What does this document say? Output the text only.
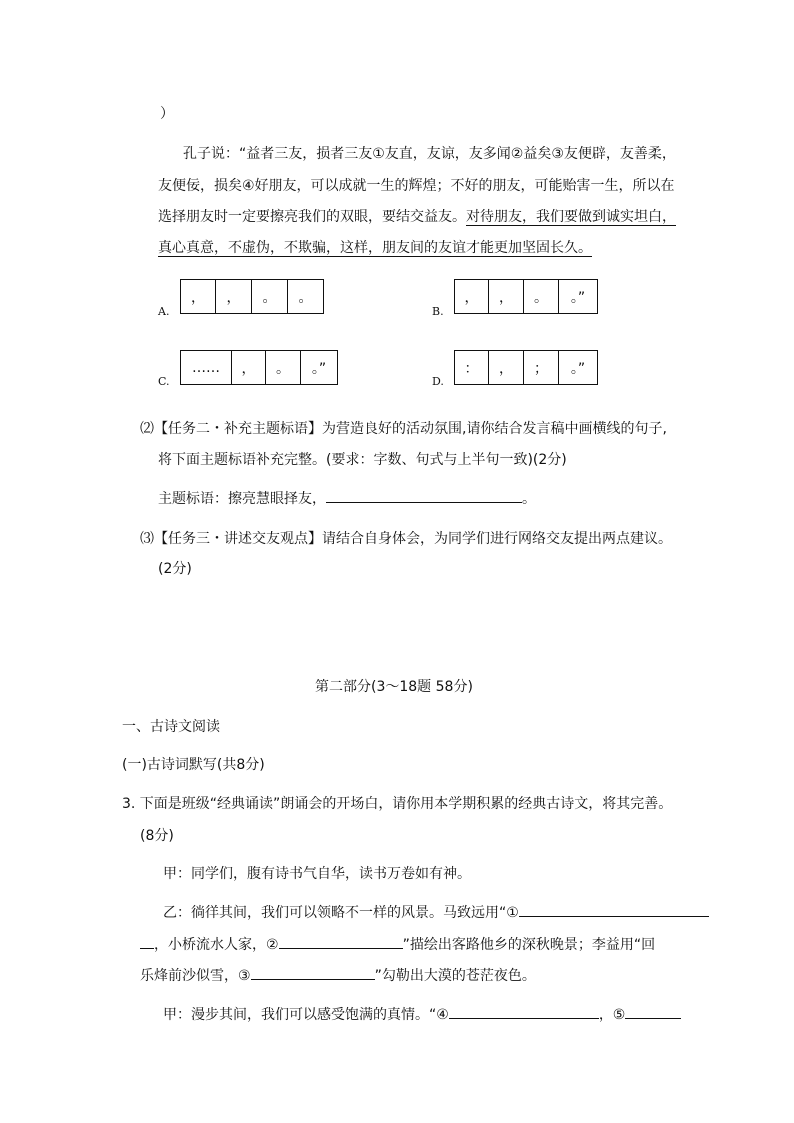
）
孔子说：“益者三友，损者三友①友直，友谅，友多闻②益矣③友便辟，友善柔，
友便佞，损矣④好朋友，可以成就一生的辉煌；不好的朋友，可能贻害一生，所以在
选择朋友时一定要擦亮我们的双眼，要结交益友。对待朋友，我们要做到诚实坦白，
真心真意，不虚伪，不欺骗，这样，朋友间的友谊才能更加坚固长久。
A.
，	，	。	。
B.
，	，	。	。”
C.
……	，	。	。”
D.
：	，	；	。”
⑵【任务二・补充主题标语】为营造良好的活动氛围,请你结合发言稿中画横线的句子,
将下面主题标语补充完整。(要求：字数、句式与上半句一致)(2分)
主题标语：擦亮慧眼择友，	。
⑶【任务三・讲述交友观点】请结合自身体会，为同学们进行网络交友提出两点建议。
(2分)
第二部分(3～18题 58分)
一、古诗文阅读
(一)古诗词默写(共8分)
3. 下面是班级“经典诵读”朗诵会的开场白，请你用本学期积累的经典古诗文，将其完善。
(8分)
甲：同学们，腹有诗书气自华，读书万卷如有神。
乙：徜徉其间，我们可以领略不一样的风景。马致远用“①
，小桥流水人家，②	”描绘出客路他乡的深秋晚景；李益用“回
乐烽前沙似雪，③	”勾勒出大漠的苍茫夜色。
甲：漫步其间，我们可以感受饱满的真情。“④	，⑤
